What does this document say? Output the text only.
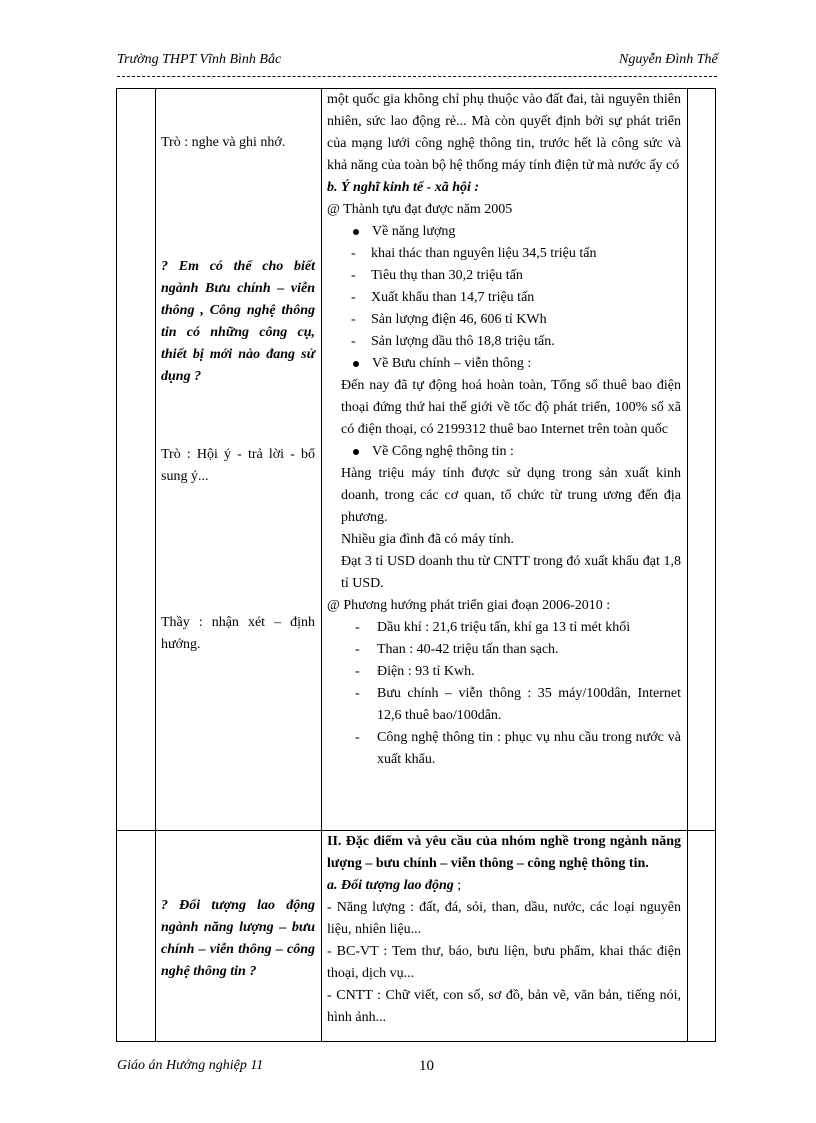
Trường THPT Vĩnh Bình Bắc	Nguyễn Đình Thế
Trò : nghe và ghi nhớ.
? Em có thể cho biết ngành Bưu chính – viễn thông , Công nghệ thông tin có những công cụ, thiết bị mới nào đang sử dụng ?
Trò : Hội ý - trả lời - bổ sung ý...
Thầy : nhận xét – định hướng.

một quốc gia không chỉ phụ thuộc vào đất đai, tài nguyên thiên nhiên, sức lao động rẻ... Mà còn quyết định bởi sự phát triển của mạng lưới công nghệ thông tin, trước hết là công sức và khả năng của toàn bộ hệ thống máy tính điện tử mà nước ấy có

b. Ý nghĩ kinh tế - xã hội :

@ Thành tựu đạt được năm 2005

Về năng lượng

- khai thác than nguyên liệu 34,5 triệu tấn

- Tiêu thụ than 30,2 triệu tấn

- Xuất khẩu than 14,7 triệu tấn

- Sản lượng điện 46, 606 tỉ KWh

- Sản lượng dầu thô 18,8 triệu tấn.

Về Bưu chính – viễn thông :

Đến nay đã tự động hoá hoàn toàn, Tổng số thuê bao điện thoại đứng thứ hai thế giới về tốc độ phát triển, 100% số xã có điện thoại, có 2199312 thuê bao Internet trên toàn quốc

Về Công nghệ thông tin :

Hàng triệu máy tính được sử dụng trong sản xuất kinh doanh, trong các cơ quan, tổ chức từ trung ương đến địa phương.

Nhiều gia đình đã có máy tính.

Đạt 3 tỉ USD doanh thu từ CNTT trong đó xuất khẩu đạt 1,8 tỉ USD.

@ Phương hướng phát triển giai đoạn 2006-2010 :

- Dầu khí : 21,6 triệu tấn, khí ga 13 tỉ mét khối

- Than : 40-42 triệu tấn than sạch.

- Điện : 93 tỉ Kwh.

- Bưu chính – viễn thông : 35 máy/100dân, Internet 12,6 thuê bao/100dân.

- Công nghệ thông tin : phục vụ nhu cầu trong nước và xuất khẩu.

? Đối tượng lao động ngành năng lượng – bưu chính – viễn thông – công nghệ thông tin ?

II. Đặc điểm và yêu cầu của nhóm nghề trong ngành năng lượng – bưu chính – viễn thông – công nghệ thông tin.

a. Đối tượng lao động ;

- Năng lượng : đất, đá, sỏi, than, dầu, nước, các loại nguyên liệu, nhiên liệu...

- BC-VT : Tem thư, báo, bưu liện, bưu phẩm, khai thác điện thoại, dịch vụ...

- CNTT : Chữ viết, con số, sơ đồ, bản vẽ, văn bản, tiếng nói, hình ảnh...

Giáo án Hướng nghiệp 11	10
